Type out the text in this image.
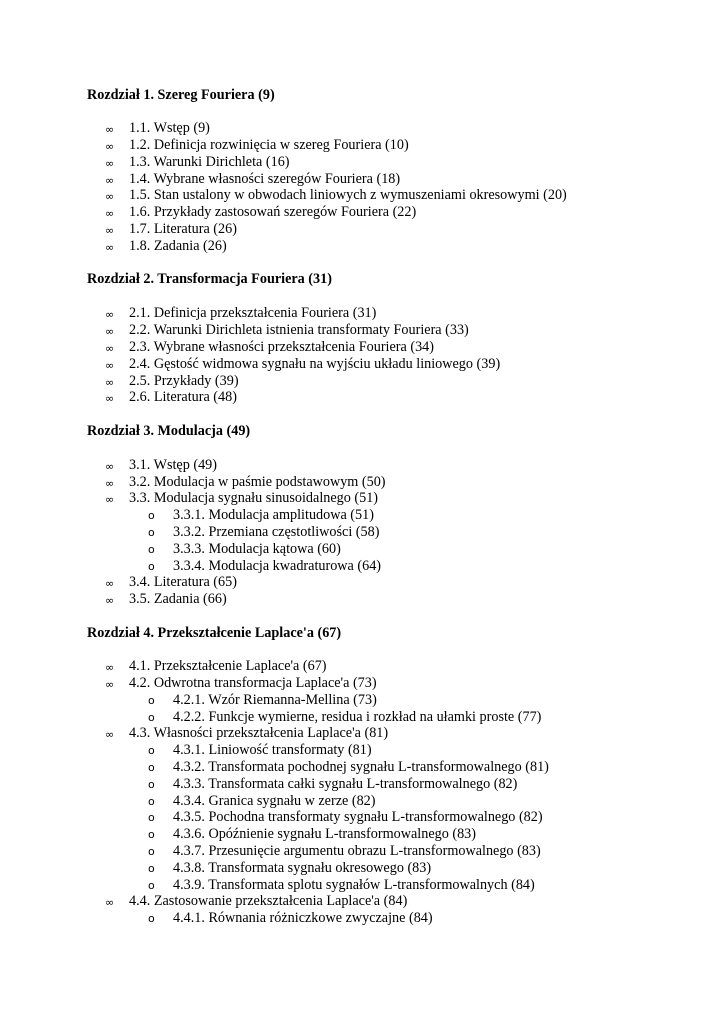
Rozdział 1. Szereg Fouriera (9)
∞	1.1. Wstęp (9)
∞	1.2. Definicja rozwinięcia w szereg Fouriera (10)
∞	1.3. Warunki Dirichleta (16)
∞	1.4. Wybrane własności szeregów Fouriera (18)
∞	1.5. Stan ustalony w obwodach liniowych z wymuszeniami okresowymi (20)
∞	1.6. Przykłady zastosowań szeregów Fouriera (22)
∞	1.7. Literatura (26)
∞	1.8. Zadania (26)
Rozdział 2. Transformacja Fouriera (31)
∞	2.1. Definicja przekształcenia Fouriera (31)
∞	2.2. Warunki Dirichleta istnienia transformaty Fouriera (33)
∞	2.3. Wybrane własności przekształcenia Fouriera (34)
∞	2.4. Gęstość widmowa sygnału na wyjściu układu liniowego (39)
∞	2.5. Przykłady (39)
∞	2.6. Literatura (48)
Rozdział 3. Modulacja (49)
∞	3.1. Wstęp (49)
∞	3.2. Modulacja w paśmie podstawowym (50)
∞	3.3. Modulacja sygnału sinusoidalnego (51)
o	3.3.1. Modulacja amplitudowa (51)
o	3.3.2. Przemiana częstotliwości (58)
o	3.3.3. Modulacja kątowa (60)
o	3.3.4. Modulacja kwadraturowa (64)
∞	3.4. Literatura (65)
∞	3.5. Zadania (66)
Rozdział 4. Przekształcenie Laplace'a (67)
∞	4.1. Przekształcenie Laplace'a (67)
∞	4.2. Odwrotna transformacja Laplace'a (73)
o	4.2.1. Wzór Riemanna-Mellina (73)
o	4.2.2. Funkcje wymierne, residua i rozkład na ułamki proste (77)
∞	4.3. Własności przekształcenia Laplace'a (81)
o	4.3.1. Liniowość transformaty (81)
o	4.3.2. Transformata pochodnej sygnału L-transformowalnego (81)
o	4.3.3. Transformata całki sygnału L-transformowalnego (82)
o	4.3.4. Granica sygnału w zerze (82)
o	4.3.5. Pochodna transformaty sygnału L-transformowalnego (82)
o	4.3.6. Opóźnienie sygnału L-transformowalnego (83)
o	4.3.7. Przesunięcie argumentu obrazu L-transformowalnego (83)
o	4.3.8. Transformata sygnału okresowego (83)
o	4.3.9. Transformata splotu sygnałów L-transformowalnych (84)
∞	4.4. Zastosowanie przekształcenia Laplace'a (84)
o	4.4.1. Równania różniczkowe zwyczajne (84)
